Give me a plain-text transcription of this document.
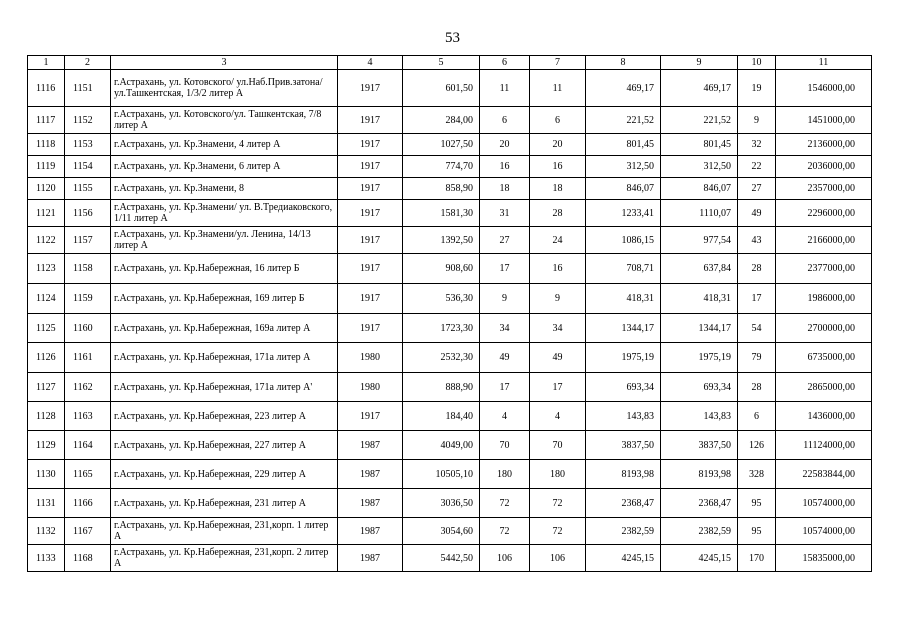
53
1	2	3	4	5	6	7	8	9	10	11
1116	1151	г.Астрахань, ул. Котовского/ ул.Наб.Прив.затона/ ул.Ташкентская, 1/3/2 литер А	1917	601,50	11	11	469,17	469,17	19	1546000,00
1117	1152	г.Астрахань, ул. Котовского/ул. Ташкентская, 7/8 литер А	1917	284,00	6	6	221,52	221,52	9	1451000,00
1118	1153	г.Астрахань, ул. Кр.Знамени, 4 литер А	1917	1027,50	20	20	801,45	801,45	32	2136000,00
1119	1154	г.Астрахань, ул. Кр.Знамени, 6 литер А	1917	774,70	16	16	312,50	312,50	22	2036000,00
1120	1155	г.Астрахань, ул. Кр.Знамени, 8	1917	858,90	18	18	846,07	846,07	27	2357000,00
1121	1156	г.Астрахань, ул. Кр.Знамени/ ул. В.Тредиаковского, 1/11 литер А	1917	1581,30	31	28	1233,41	1110,07	49	2296000,00
1122	1157	г.Астрахань, ул. Кр.Знамени/ул. Ленина, 14/13 литер А	1917	1392,50	27	24	1086,15	977,54	43	2166000,00
1123	1158	г.Астрахань, ул. Кр.Набережная, 16 литер Б	1917	908,60	17	16	708,71	637,84	28	2377000,00
1124	1159	г.Астрахань, ул. Кр.Набережная, 169 литер Б	1917	536,30	9	9	418,31	418,31	17	1986000,00
1125	1160	г.Астрахань, ул. Кр.Набережная, 169а литер А	1917	1723,30	34	34	1344,17	1344,17	54	2700000,00
1126	1161	г.Астрахань, ул. Кр.Набережная, 171а литер А	1980	2532,30	49	49	1975,19	1975,19	79	6735000,00
1127	1162	г.Астрахань, ул. Кр.Набережная, 171а литер А'	1980	888,90	17	17	693,34	693,34	28	2865000,00
1128	1163	г.Астрахань, ул. Кр.Набережная, 223 литер А	1917	184,40	4	4	143,83	143,83	6	1436000,00
1129	1164	г.Астрахань, ул. Кр.Набережная, 227 литер А	1987	4049,00	70	70	3837,50	3837,50	126	11124000,00
1130	1165	г.Астрахань, ул. Кр.Набережная, 229 литер А	1987	10505,10	180	180	8193,98	8193,98	328	22583844,00
1131	1166	г.Астрахань, ул. Кр.Набережная, 231 литер А	1987	3036,50	72	72	2368,47	2368,47	95	10574000,00
1132	1167	г.Астрахань, ул. Кр.Набережная, 231,корп. 1 литер А	1987	3054,60	72	72	2382,59	2382,59	95	10574000,00
1133	1168	г.Астрахань, ул. Кр.Набережная, 231,корп. 2 литер А	1987	5442,50	106	106	4245,15	4245,15	170	15835000,00
